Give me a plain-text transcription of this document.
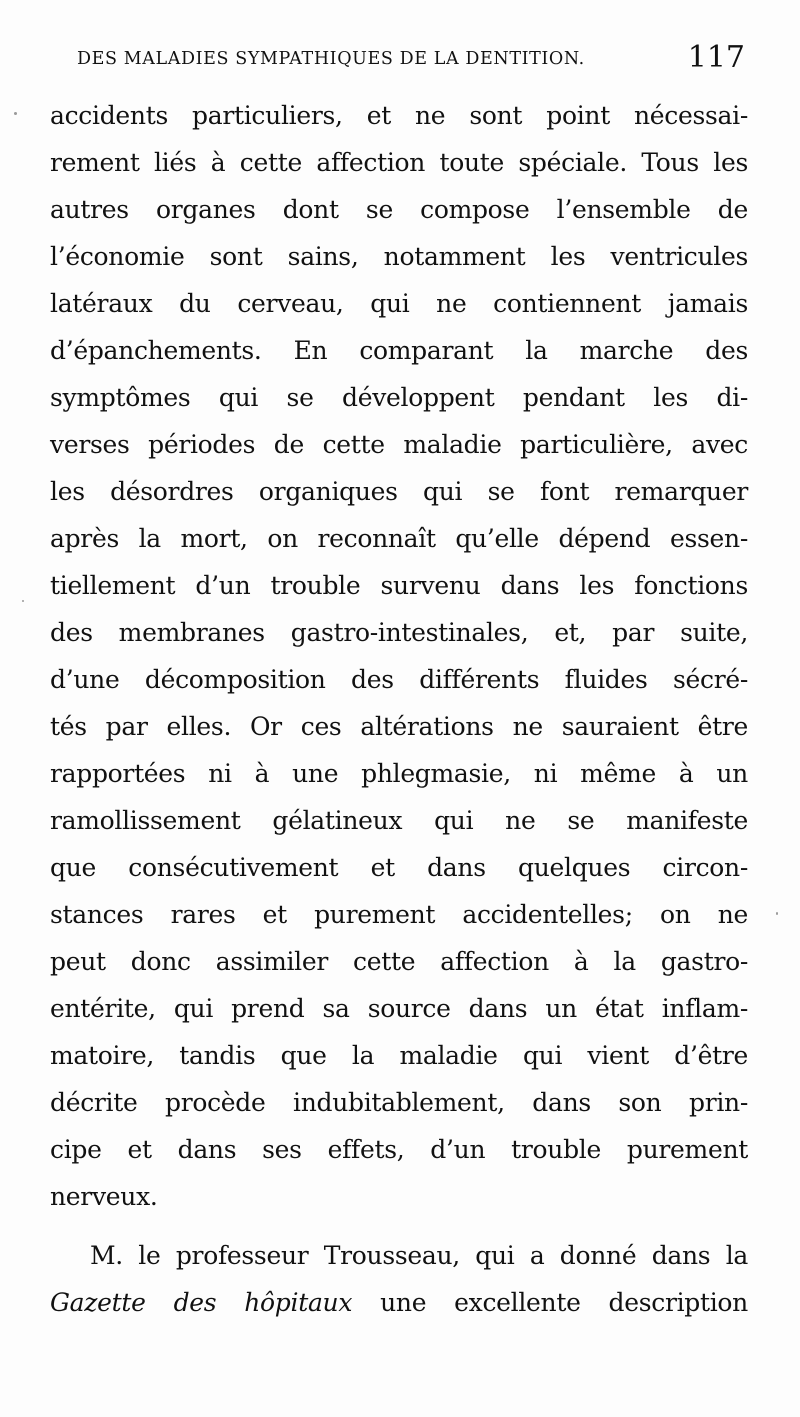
DES MALADIES SYMPATHIQUES DE LA DENTITION.	117
accidents particuliers, et ne sont point nécessai-
rement liés à cette affection toute spéciale. Tous les
autres organes dont se compose l’ensemble de
l’économie sont sains, notamment les ventricules
latéraux du cerveau, qui ne contiennent jamais
d’épanchements. En comparant la marche des
symptômes qui se développent pendant les di-
verses périodes de cette maladie particulière, avec
les désordres organiques qui se font remarquer
après la mort, on reconnaît qu’elle dépend essen-
tiellement d’un trouble survenu dans les fonctions
des membranes gastro-intestinales, et, par suite,
d’une décomposition des différents fluides sécré-
tés par elles. Or ces altérations ne sauraient être
rapportées ni à une phlegmasie, ni même à un
ramollissement gélatineux qui ne se manifeste
que consécutivement et dans quelques circon-
stances rares et purement accidentelles; on ne
peut donc assimiler cette affection à la gastro-
entérite, qui prend sa source dans un état inflam-
matoire, tandis que la maladie qui vient d’être
décrite procède indubitablement, dans son prin-
cipe et dans ses effets, d’un trouble purement
nerveux.
M. le professeur Trousseau, qui a donné dans la
Gazette des hôpitaux une excellente description
